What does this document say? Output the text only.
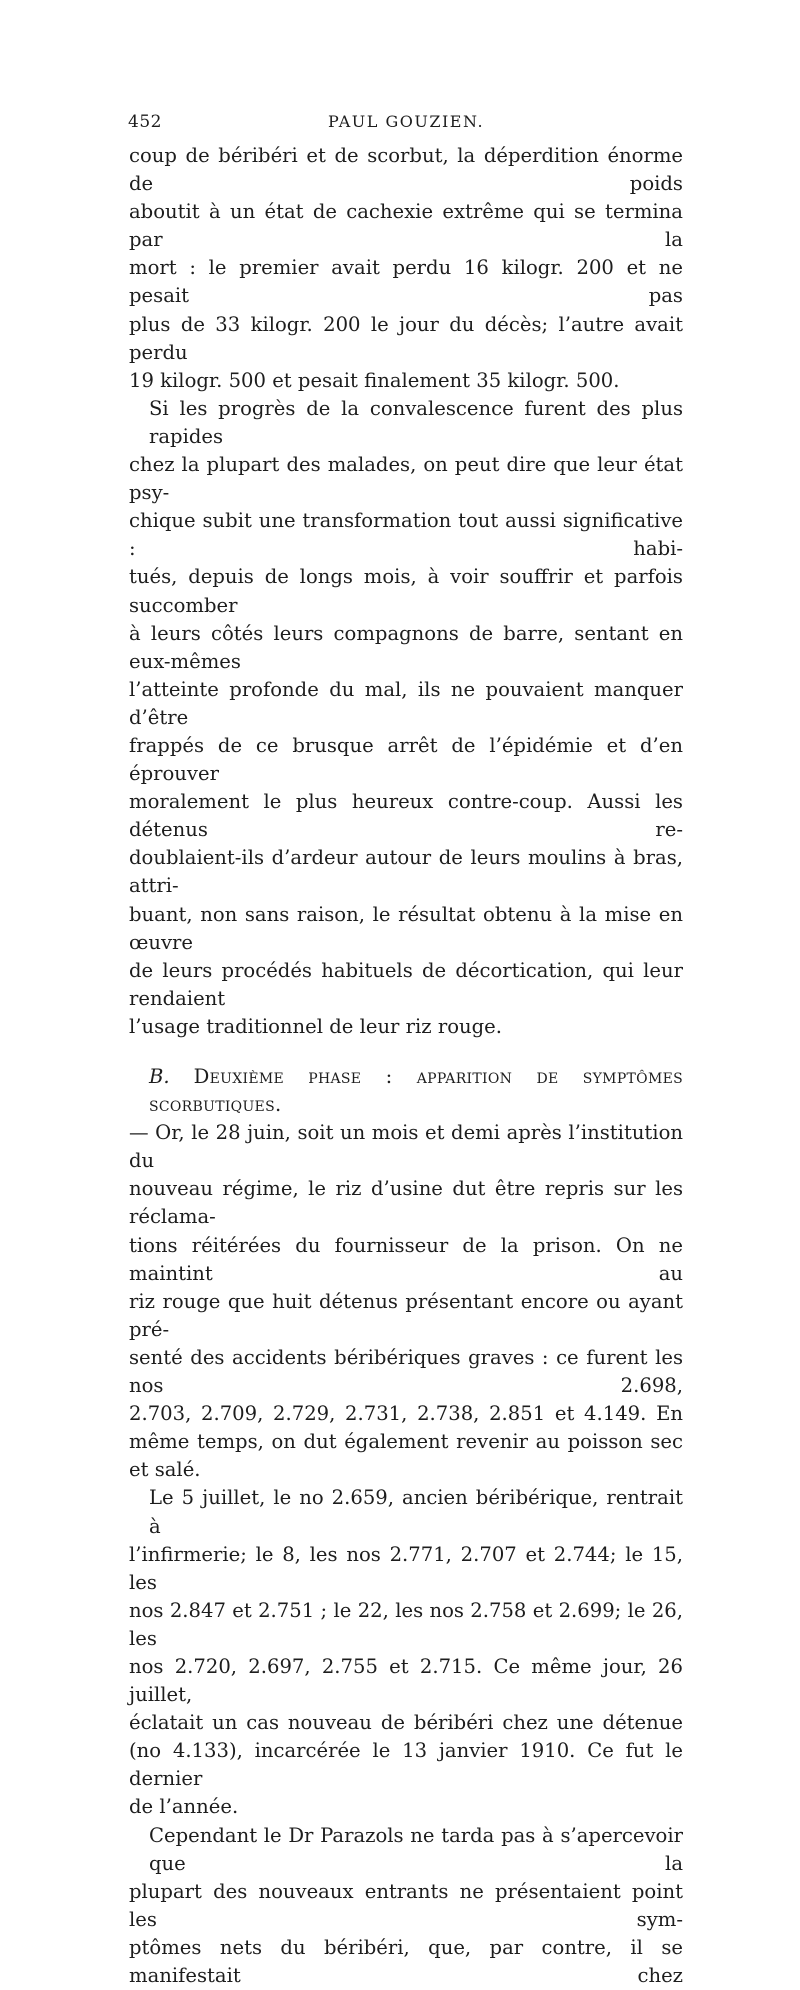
452	PAUL GOUZIEN.

coup de béribéri et de scorbut, la déperdition énorme de poids
aboutit à un état de cachexie extrême qui se termina par la
mort : le premier avait perdu 16 kilogr. 200 et ne pesait pas
plus de 33 kilogr. 200 le jour du décès; l’autre avait perdu
19 kilogr. 500 et pesait finalement 35 kilogr. 500.

Si les progrès de la convalescence furent des plus rapides
chez la plupart des malades, on peut dire que leur état psy-
chique subit une transformation tout aussi significative : habi-
tués, depuis de longs mois, à voir souffrir et parfois succomber
à leurs côtés leurs compagnons de barre, sentant en eux-mêmes
l’atteinte profonde du mal, ils ne pouvaient manquer d’être
frappés de ce brusque arrêt de l’épidémie et d’en éprouver
moralement le plus heureux contre-coup. Aussi les détenus re-
doublaient-ils d’ardeur autour de leurs moulins à bras, attri-
buant, non sans raison, le résultat obtenu à la mise en œuvre
de leurs procédés habituels de décortication, qui leur rendaient
l’usage traditionnel de leur riz rouge.

B. Deuxième phase : apparition de symptômes scorbutiques.
— Or, le 28 juin, soit un mois et demi après l’institution du
nouveau régime, le riz d’usine dut être repris sur les réclama-
tions réitérées du fournisseur de la prison. On ne maintint au
riz rouge que huit détenus présentant encore ou ayant pré-
senté des accidents béribériques graves : ce furent les nos 2.698,
2.703, 2.709, 2.729, 2.731, 2.738, 2.851 et 4.149. En
même temps, on dut également revenir au poisson sec
et salé.

Le 5 juillet, le no 2.659, ancien béribérique, rentrait à
l’infirmerie; le 8, les nos 2.771, 2.707 et 2.744; le 15, les
nos 2.847 et 2.751 ; le 22, les nos 2.758 et 2.699; le 26, les
nos 2.720, 2.697, 2.755 et 2.715. Ce même jour, 26 juillet,
éclatait un cas nouveau de béribéri chez une détenue
(no 4.133), incarcérée le 13 janvier 1910. Ce fut le dernier
de l’année.

Cependant le Dr Parazols ne tarda pas à s’apercevoir que la
plupart des nouveaux entrants ne présentaient point les sym-
ptômes nets du béribéri, que, par contre, il se manifestait chez
